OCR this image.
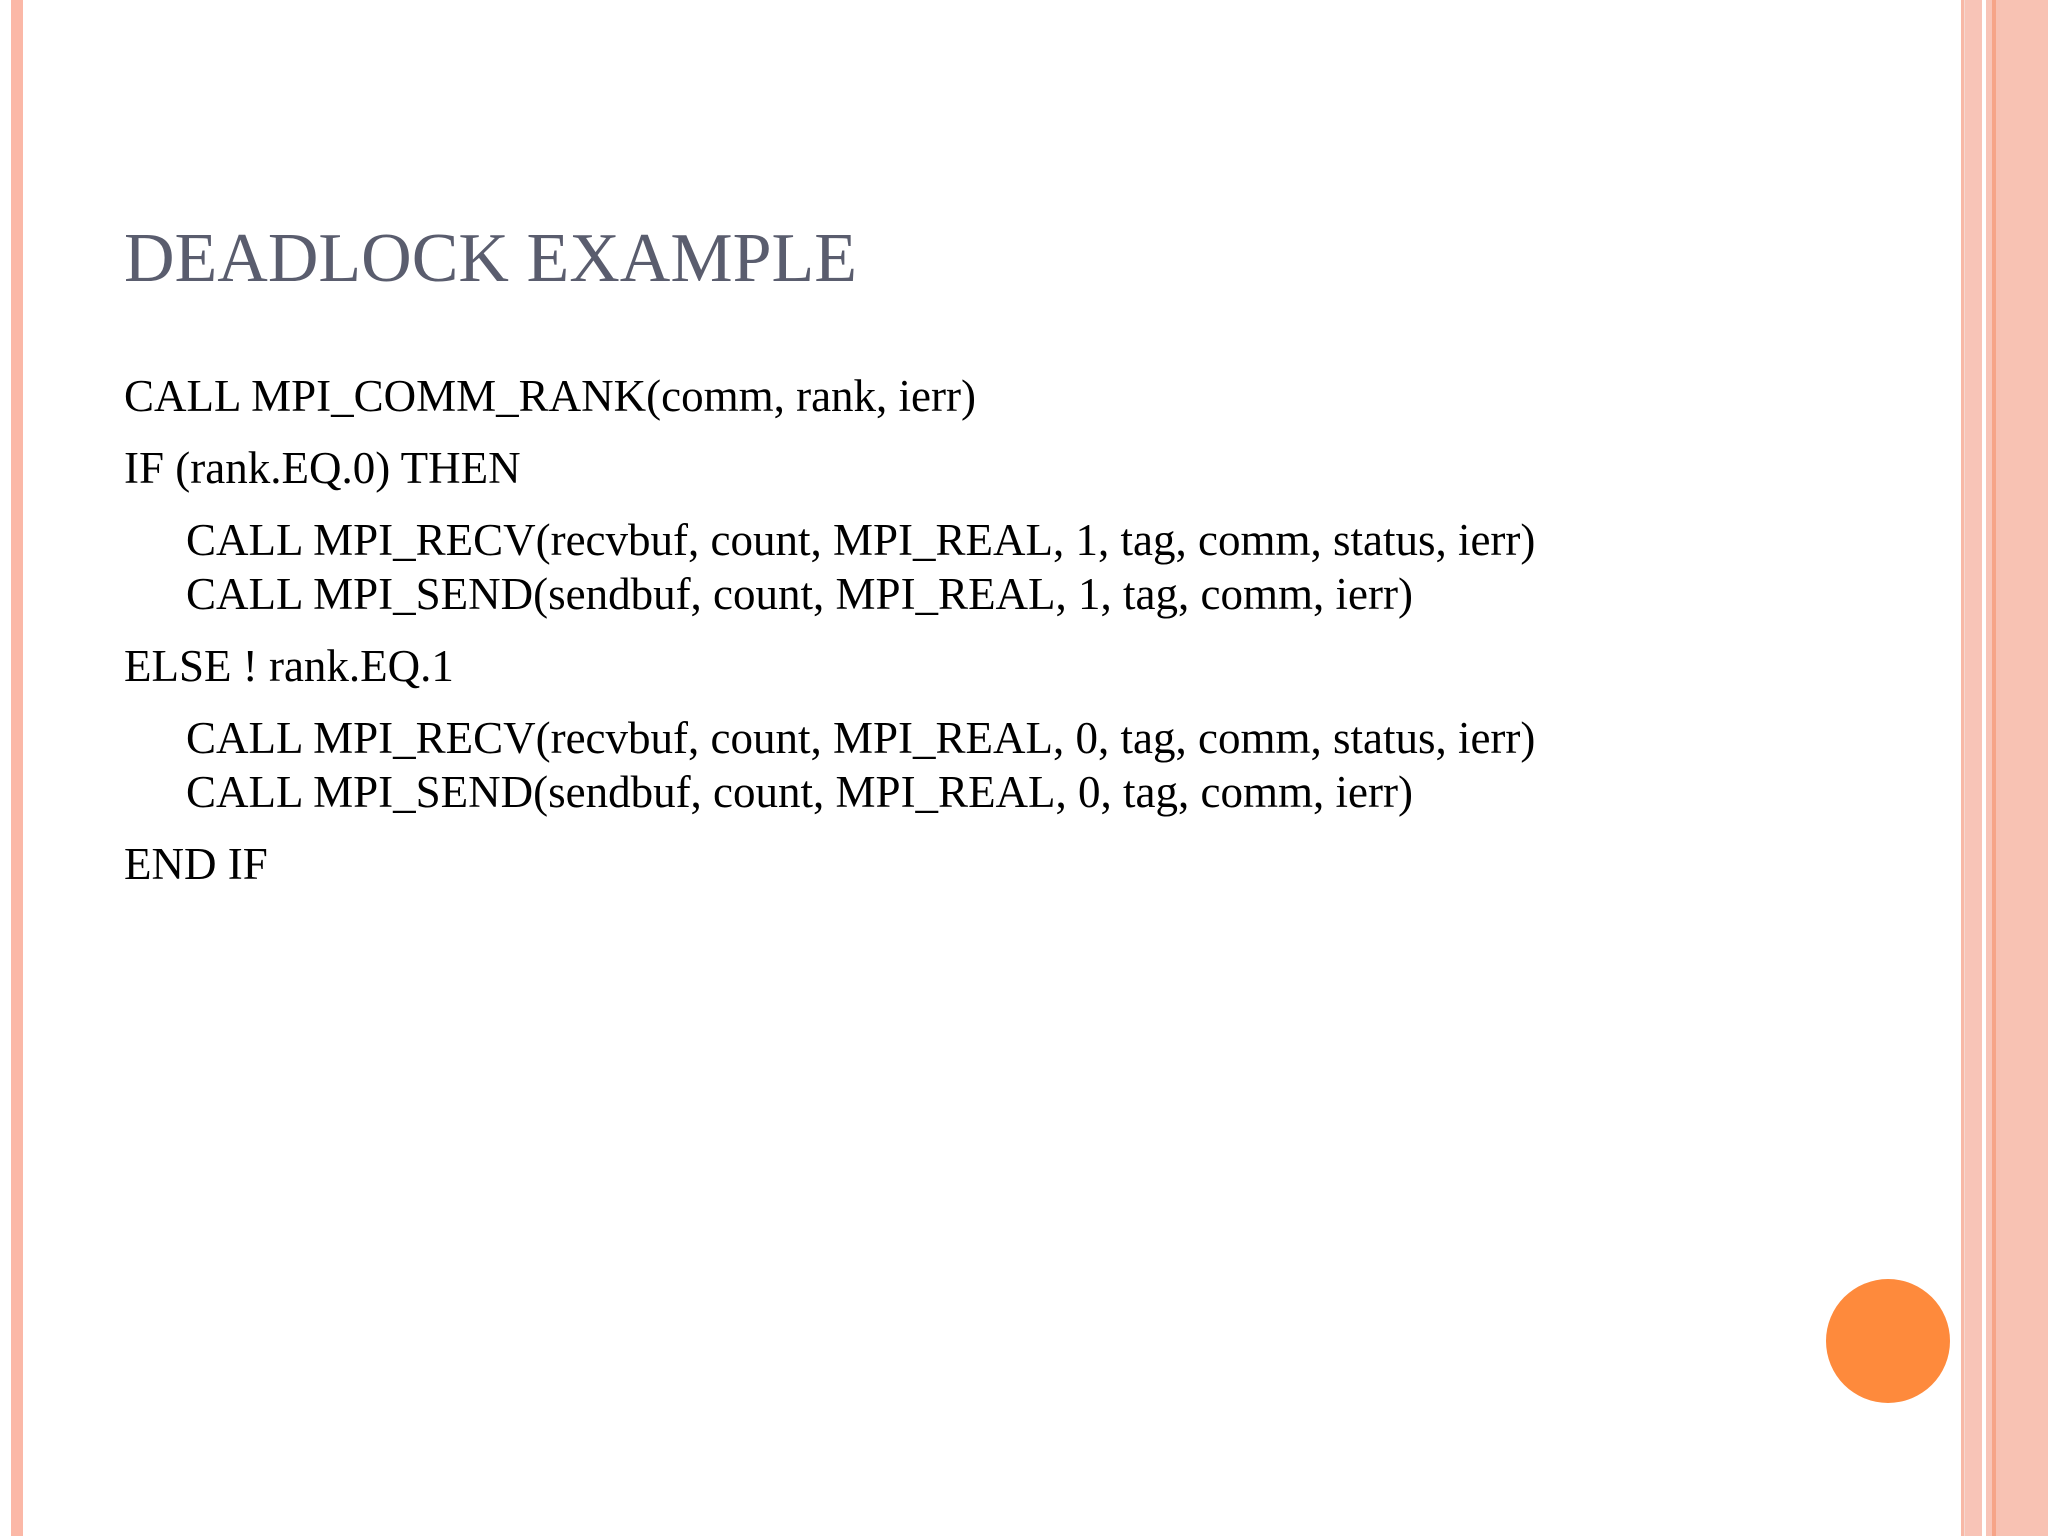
DEADLOCK EXAMPLE

CALL MPI_COMM_RANK(comm, rank, ierr)

IF (rank.EQ.0) THEN

CALL MPI_RECV(recvbuf, count, MPI_REAL, 1, tag, comm, status, ierr)

CALL MPI_SEND(sendbuf, count, MPI_REAL, 1, tag, comm, ierr)

ELSE ! rank.EQ.1

CALL MPI_RECV(recvbuf, count, MPI_REAL, 0, tag, comm, status, ierr)

CALL MPI_SEND(sendbuf, count, MPI_REAL, 0, tag, comm, ierr)

END IF
